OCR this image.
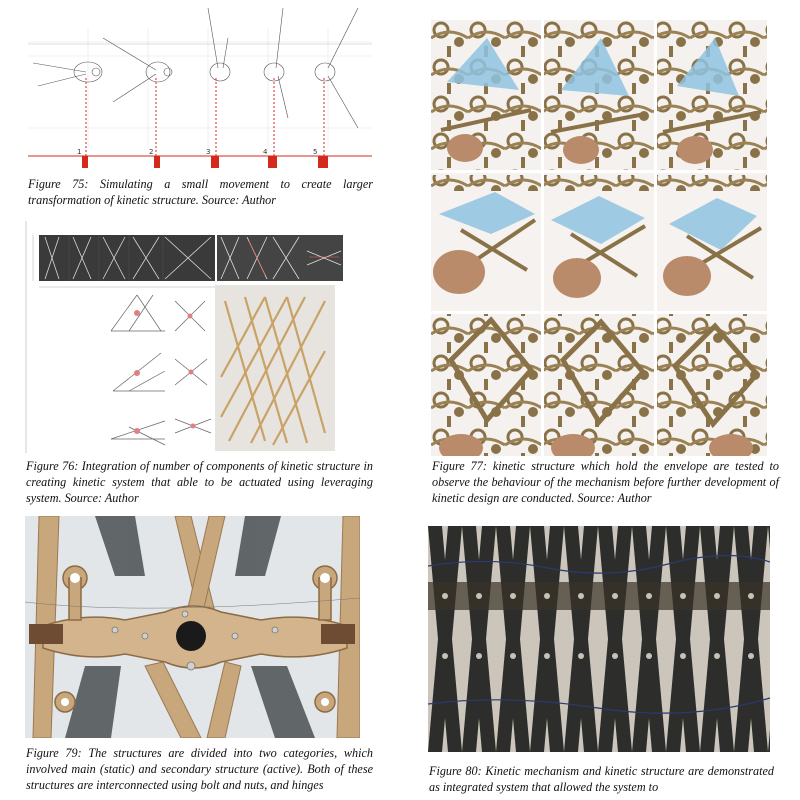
1	2	3	4	5

Figure 75: Simulating a small movement to create larger transformation of kinetic structure. Source: Author

Figure 76: Integration of number of components of kinetic structure in creating kinetic system that able to be actuated using leveraging system. Source: Author

Figure 77: kinetic structure which hold the envelope are tested to observe the behaviour of the mechanism before further development of kinetic design are conducted. Source: Author

Figure 79: The structures are divided into two categories, which involved main (static) and secondary structure (active). Both of these structures are interconnected using bolt and nuts, and hinges

Figure 80: Kinetic mechanism and kinetic structure are demonstrated as integrated system that allowed the system to
